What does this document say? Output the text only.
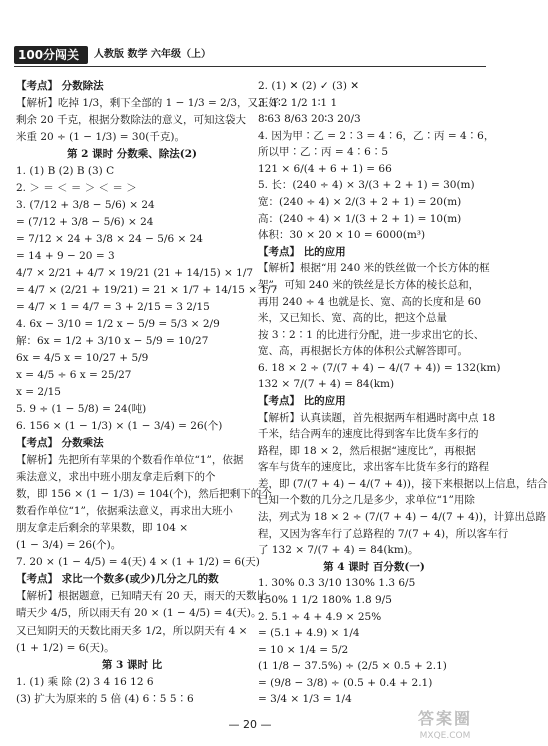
100分闯关	人教版 数学 六年级（上）

【考点】 分数除法

【解析】吃掉 1/3，剩下全部的 1 − 1/3 = 2/3，又正好

剩余 20 千克，根据分数除法的意义，可知这袋大

米重 20 ÷ (1 − 1/3) = 30(千克)。

第 2 课时 分数乘、除法(2)

1. (1) B (2) B (3) C

2. ＞ ＝ ＜ ＝ ＞ ＜ ＝ ＞

3. (7/12 + 3/8 − 5/6) × 24

= (7/12 + 3/8 − 5/6) × 24

= 7/12 × 24 + 3/8 × 24 − 5/6 × 24

= 14 + 9 − 20 = 3

4/7 × 2/21 + 4/7 × 19/21 (21 + 14/15) × 1/7

= 4/7 × (2/21 + 19/21) = 21 × 1/7 + 14/15 × 1/7

= 4/7 × 1 = 4/7 = 3 + 2/15 = 3 2/15

4. 6x − 3/10 = 1/2 x − 5/9 = 5/3 × 2/9

解：6x = 1/2 + 3/10 x − 5/9 = 10/27

6x = 4/5 x = 10/27 + 5/9

x = 4/5 ÷ 6 x = 25/27

x = 2/15

5. 9 ÷ (1 − 5/8) = 24(吨)

6. 156 × (1 − 1/3) × (1 − 3/4) = 26(个)

【考点】 分数乘法

【解析】先把所有苹果的个数看作单位“1”，依据

乘法意义，求出中班小朋友拿走后剩下的个

数，即 156 × (1 − 1/3) = 104(个)，然后把剩下的个

数看作单位“1”，依据乘法意义，再求出大班小

朋友拿走后剩余的苹果数，即 104 ×

(1 − 3/4) = 26(个)。

7. 20 × (1 − 4/5) = 4(天) 4 × (1 + 1/2) = 6(天)

【考点】 求比一个数多(或少)几分之几的数

【解析】根据题意，已知晴天有 20 天，雨天的天数比

晴天少 4/5，所以雨天有 20 × (1 − 4/5) = 4(天)。

又已知阴天的天数比雨天多 1/2，所以阴天有 4 ×

(1 + 1/2) = 6(天)。

第 3 课时 比

1. (1) 乘 除 (2) 3 4 16 12 6

(3) 扩大为原来的 5 倍 (4) 6∶5 5∶6

2. (1) ✕ (2) ✓ (3) ✕

3. 1∶2 1/2 1∶1 1

8∶63 8/63 20∶3 20/3

4. 因为甲∶乙 = 2∶3 = 4∶6，乙∶丙 = 4∶6，

所以甲∶乙∶丙 = 4∶6∶5

121 × 6/(4 + 6 + 1) = 66

5. 长：(240 ÷ 4) × 3/(3 + 2 + 1) = 30(m)

宽：(240 ÷ 4) × 2/(3 + 2 + 1) = 20(m)

高：(240 ÷ 4) × 1/(3 + 2 + 1) = 10(m)

体积：30 × 20 × 10 = 6000(m³)

【考点】 比的应用

【解析】根据“用 240 米的铁丝做一个长方体的框

架”，可知 240 米的铁丝是长方体的棱长总和，

再用 240 ÷ 4 也就是长、宽、高的长度和是 60

米，又已知长、宽、高的比，把这个总量

按 3∶2∶1 的比进行分配，进一步求出它的长、

宽、高，再根据长方体的体积公式解答即可。

6. 18 × 2 ÷ (7/(7 + 4) − 4/(7 + 4)) = 132(km)

132 × 7/(7 + 4) = 84(km)

【考点】 比的应用

【解析】认真读题，首先根据两车相遇时离中点 18

千米，结合两车的速度比得到客车比货车多行的

路程，即 18 × 2，然后根据“速度比”，再根据

客车与货车的速度比，求出客车比货车多行的路程

差，即 (7/(7 + 4) − 4/(7 + 4))，接下来根据以上信息，结合

已知一个数的几分之几是多少，求单位“1”用除

法，列式为 18 × 2 ÷ (7/(7 + 4) − 4/(7 + 4))，计算出总路

程，又因为客车行了总路程的 7/(7 + 4)，所以客车行

了 132 × 7/(7 + 4) = 84(km)。

第 4 课时 百分数(一)

1. 30% 0.3 3/10 130% 1.3 6/5

150% 1 1/2 180% 1.8 9/5

2. 5.1 ÷ 4 + 4.9 × 25%

= (5.1 + 4.9) × 1/4

= 10 × 1/4 = 5/2

(1 1/8 − 37.5%) ÷ (2/5 × 0.5 + 2.1)

= (9/8 − 3/8) ÷ (0.5 + 0.4 + 2.1)

= 3/4 × 1/3 = 1/4

— 20 —	答案圈
MXQE.COM
